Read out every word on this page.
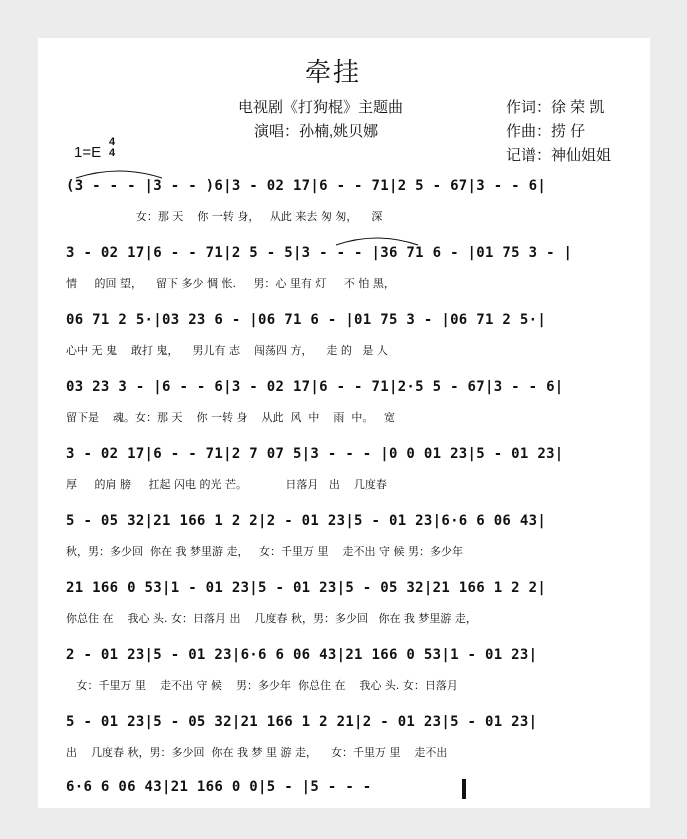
牵挂
电视剧《打狗棍》主题曲
演唱：孙楠,姚贝娜
作词：徐 荣 凯
作曲：捞 仔
记谱：神仙姐姐
1=E
4
4
(3 - - - |3 - - )6|3 - 02 17|6 - - 71|2 5 - 67|3 - - 6|
女：那 天    你 一转 身，   从此 来去 匆 匆，    深
3 - 02 17|6 - - 71|2 5 - 5|3 - - - |36 71 6 - |01 75 3 - |
情     的回 望，    留下 多少 惆 怅.     男：心 里有 灯     不 怕 黑，
06 71 2 5·|03 23 6 - |06 71 6 - |01 75 3 - |06 71 2 5·|
心中 无 鬼    敢打 鬼，    男儿有 志    闯荡四 方，    走 的   是 人
03 23 3 - |6 - - 6|3 - 02 17|6 - - 71|2·5 5 - 67|3 - - 6|
留下是    魂。女：那 天    你 一转 身    从此  风  中    雨  中。   宽
3 - 02 17|6 - - 71|2 7 07 5|3 - - - |0 0 01 23|5 - 01 23|
厚     的肩 膀     扛起 闪电 的光 芒。           日落月   出    几度春
5 - 05 32|21 166 1 2 2|2 - 01 23|5 - 01 23|6·6 6 06 43|
秋，男：多少回  你在 我 梦里游 走，   女：千里万 里    走不出 守 候 男：多少年
21 166 0 53|1 - 01 23|5 - 01 23|5 - 05 32|21 166 1 2 2|
你总住 在    我心 头. 女：日落月 出    几度春 秋，男：多少回   你在 我 梦里游 走，
2 - 01 23|5 - 01 23|6·6 6 06 43|21 166 0 53|1 - 01 23|
女：千里万 里    走不出 守 候    男：多少年  你总住 在    我心 头. 女：日落月
5 - 01 23|5 - 05 32|21 166 1 2 21|2 - 01 23|5 - 01 23|
出    几度春 秋，男：多少回  你在 我 梦 里 游 走，    女：千里万 里    走不出
6·6 6 06 43|21 166 0 0|5 - |5 - - -
